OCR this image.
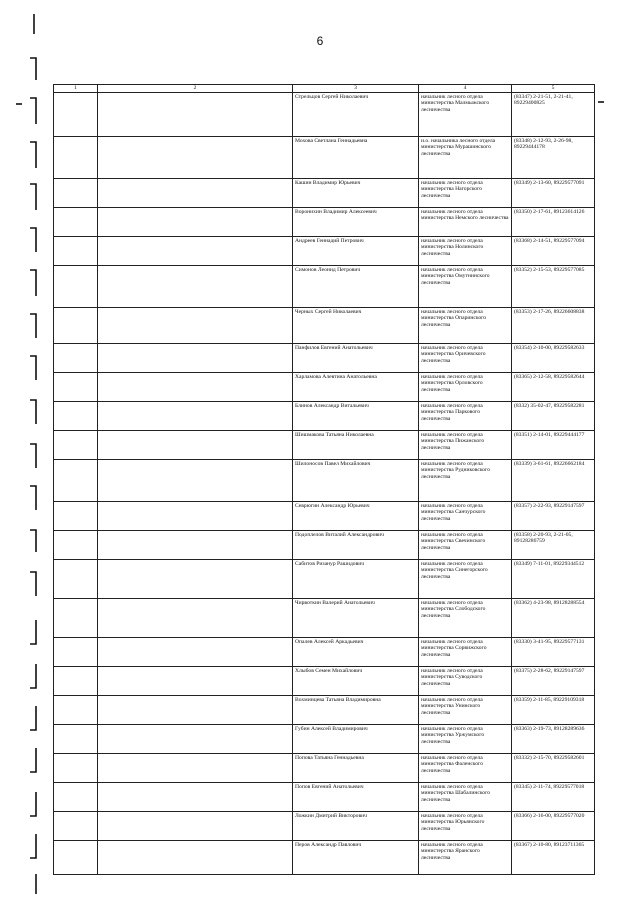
6
1	2	3	4	5
		Стрельцов Сергей Николаевич	начальник лесного отдела министерства Малмыжского лесничества	(83347) 2-21-51, 2-21-41, 89229400825
		Мохова Светлана Геннадьевна	и.о. начальника лесного отдела министерства Мурашинского лесничества	(83348) 2-12-93, 2-26-98, 89229444178
		Кашин Владимир Юрьевич	начальник лесного отдела министерства Нагорского лесничества	(83349) 2-13-60, 89229577091
		Воронихин Владимир Алексеевич	начальник лесного отдела министерства Немского лесничества	(83350) 2-17-61, 89123614126
		Андреев Геннадий Петрович	начальник лесного отдела министерства Нолинского лесничества	(83368) 2-14-51, 89229577094
		Симонов Леонид Петрович	начальник лесного отдела министерства Омутнинского лесничества	(83352) 2-15-53, 89229577085
		Черных Сергей Николаевич	начальник лесного отдела министерства Опаринского лесничества	(83353) 2-17-26, 89226608838
		Панфилов Евгений Анатольевич	начальник лесного отдела министерства Оричевского лесничества	(83354) 2-10-00, 89229582633
		Харламова Алевтина Анатольевна	начальник лесного отдела министерства Орловского лесничества	(83365) 2-12-58, 89229582644
		Блинов Александр Витальевич	начальник лесного отдела министерства Паркового лесничества	(8332) 35-02-47, 89229582281
		Шишмакова Татьяна Николаевна	начальник лесного отдела министерства Пижанского лесничества	(83351) 2-14-01, 89229444177
		Шилоносов Павел Михайлович	начальник лесного отдела министерства Рудниковского лесничества	(83339) 3-61-61, 89226662184
		Севрюгин Александр Юрьевич	начальник лесного отдела министерства Санчурского лесничества	(83357) 2-22-93, 89229147597
		Подоплелов Виталий Александрович	начальник лесного отдела министерства Свечинского лесничества	(83358) 2-20-93, 2-21-05, 89128286759
		Сабитов Ризанур Рашидович	начальник лесного отдела министерства Синегорского лесничества	(83349) 7-11-01, 89229344512
		Чирвоткин Валерий Анатольевич	начальник лесного отдела министерства Слободского лесничества	(83362) 4-23-98, 89128288554
		Опалев Алексей Аркадьевич	начальник лесного отдела министерства Сорвижского лесничества	(83330) 3-41-95, 89229577131
		Хлыбов Семен Михайлович	начальник лесного отдела министерства Суводского лесничества	(83375) 2-28-62, 89229147597
		Вохминцева Татьяна Владимировна	начальник лесного отдела министерства Унинского лесничества	(83359) 2-11-85, 89229109318
		Губин Алексей Владимирович	начальник лесного отдела министерства Уржумского лесничества	(83363) 2-19-73, 89128289636
		Попова Татьяна Геннадьевна	начальник лесного отдела министерства Фаленского лесничества	(83332) 2-15-70, 89229582601
		Попов Евгений Анатольевич	начальник лесного отдела министерства Шабалинского лесничества	(83345) 2-11-74, 89229577018
		Ложкин Дмитрий Викторович	начальник лесного отдела министерства Юрьянского лесничества	(83366) 2-16-00, 89229577020
		Перов Александр Павлович	начальник лесного отдела министерства Яранского лесничества	(83367) 2-10-80, 89123711365
